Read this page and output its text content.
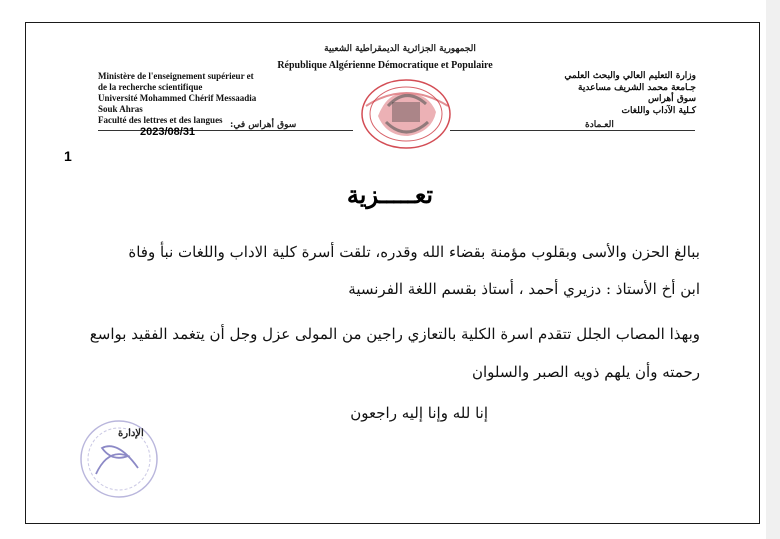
الجمهورية الجزائرية الديمقراطية الشعبية
République Algérienne Démocratique et Populaire
Ministère de l'enseignement supérieur et
de la recherche scientifique
Université Mohammed Chérif Messaadia
Souk Ahras
Faculté des lettres et des langues
وزارة التعليم العالي والبحث العلمي
جـامعة محمد الشريف مساعدية
سوق أهراس
كـلية الآداب واللغات
سوق أهراس في:	العـمادة
2023/08/31
1
تعـــــزية
ببالغ الحزن والأسى وبقلوب مؤمنة بقضاء الله وقدره، تلقت أسرة كلية الاداب واللغات نبأ وفاة
ابن أخ الأستاذ : دزيري أحمد ، أستاذ بقسم اللغة الفرنسية
وبهذا المصاب الجلل تتقدم اسرة الكلية بالتعازي راجين من المولى عزل وجل أن يتغمد الفقيد بواسع
رحمته وأن يلهم ذويه الصبر والسلوان
إنا لله وإنا إليه راجعون
الإدارة
